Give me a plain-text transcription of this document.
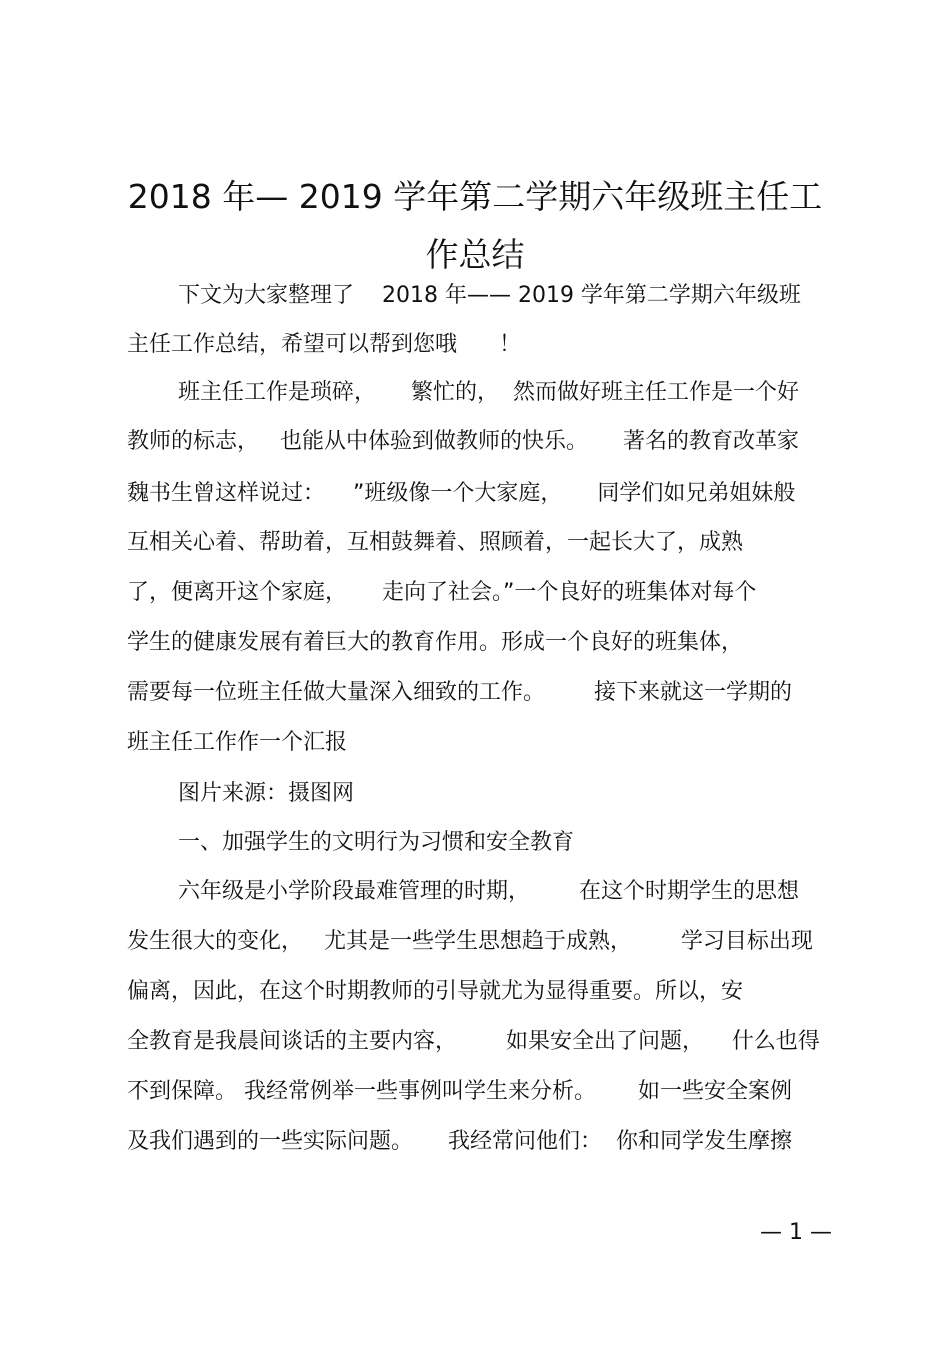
2018 年— 2019 学年第二学期六年级班主任工
作总结
下文为大家整理了    2018 年—— 2019 学年第二学期六年级班
主任工作总结，希望可以帮到您哦      ！
班主任工作是琐碎，     繁忙的，  然而做好班主任工作是一个好
教师的标志，   也能从中体验到做教师的快乐。     著名的教育改革家
魏书生曾这样说过：    ”班级像一个大家庭，     同学们如兄弟姐妹般
互相关心着、帮助着，互相鼓舞着、照顾着，一起长大了，成熟
了，便离开这个家庭，     走向了社会。”一个良好的班集体对每个
学生的健康发展有着巨大的教育作用。形成一个良好的班集体，
需要每一位班主任做大量深入细致的工作。       接下来就这一学期的
班主任工作作一个汇报
图片来源：摄图网
一、加强学生的文明行为习惯和安全教育
六年级是小学阶段最难管理的时期，       在这个时期学生的思想
发生很大的变化，   尤其是一些学生思想趋于成熟，       学习目标出现
偏离，因此，在这个时期教师的引导就尤为显得重要。所以，安
全教育是我晨间谈话的主要内容，       如果安全出了问题，    什么也得
不到保障。 我经常例举一些事例叫学生来分析。      如一些安全案例
及我们遇到的一些实际问题。     我经常问他们：  你和同学发生摩擦
— 1 —
